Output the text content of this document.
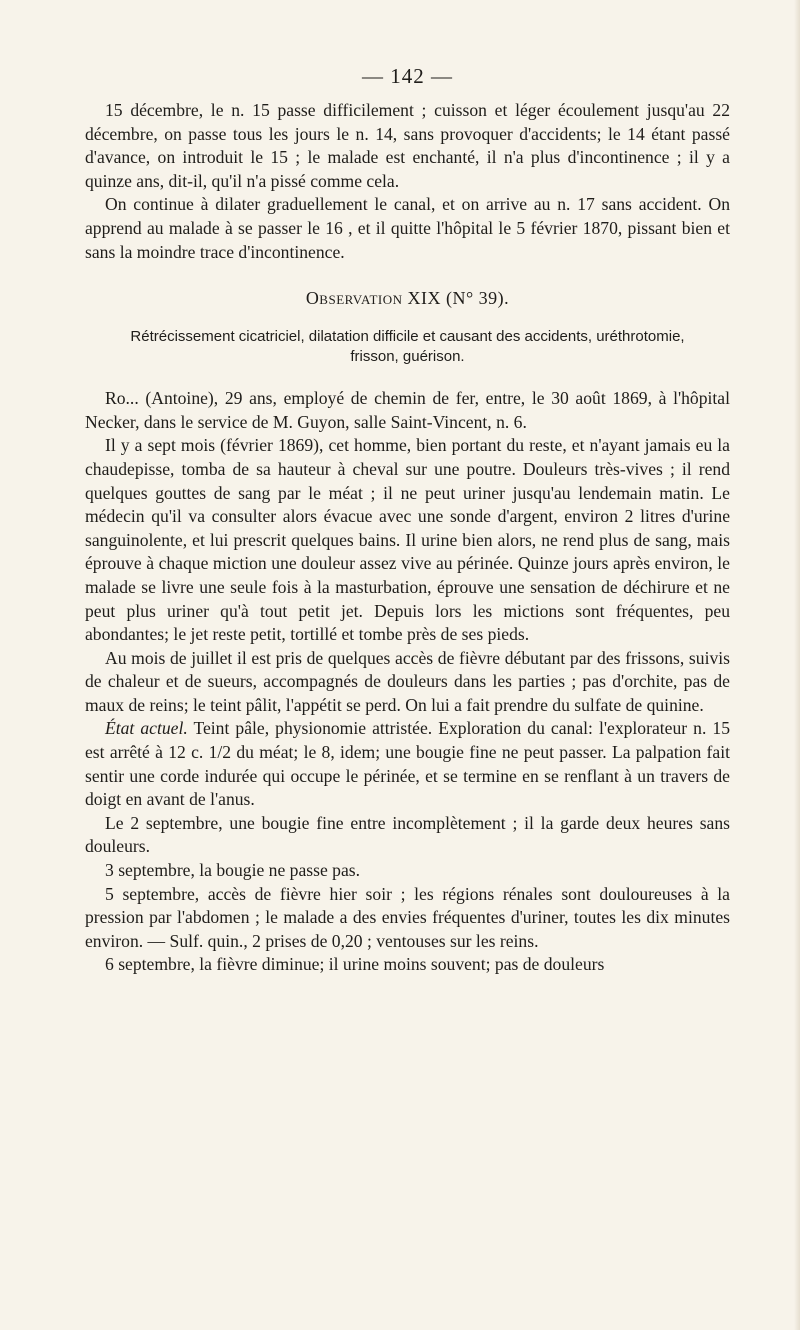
— 142 —

15 décembre, le n. 15 passe difficilement ; cuisson et léger écoulement jusqu'au 22 décembre, on passe tous les jours le n. 14, sans provoquer d'accidents; le 14 étant passé d'avance, on introduit le 15 ; le malade est enchanté, il n'a plus d'incontinence ; il y a quinze ans, dit-il, qu'il n'a pissé comme cela.

On continue à dilater graduellement le canal, et on arrive au n. 17 sans accident. On apprend au malade à se passer le 16 , et il quitte l'hôpital le 5 février 1870, pissant bien et sans la moindre trace d'incontinence.

Observation XIX (N° 39).
Rétrécissement cicatriciel, dilatation difficile et causant des accidents, uréthrotomie, frisson, guérison.

Ro... (Antoine), 29 ans, employé de chemin de fer, entre, le 30 août 1869, à l'hôpital Necker, dans le service de M. Guyon, salle Saint-Vincent, n. 6.

Il y a sept mois (février 1869), cet homme, bien portant du reste, et n'ayant jamais eu la chaudepisse, tomba de sa hauteur à cheval sur une poutre. Douleurs très-vives ; il rend quelques gouttes de sang par le méat ; il ne peut uriner jusqu'au lendemain matin. Le médecin qu'il va consulter alors évacue avec une sonde d'argent, environ 2 litres d'urine sanguinolente, et lui prescrit quelques bains. Il urine bien alors, ne rend plus de sang, mais éprouve à chaque miction une douleur assez vive au périnée. Quinze jours après environ, le malade se livre une seule fois à la masturbation, éprouve une sensation de déchirure et ne peut plus uriner qu'à tout petit jet. Depuis lors les mictions sont fréquentes, peu abondantes; le jet reste petit, tortillé et tombe près de ses pieds.

Au mois de juillet il est pris de quelques accès de fièvre débutant par des frissons, suivis de chaleur et de sueurs, accompagnés de douleurs dans les parties ; pas d'orchite, pas de maux de reins; le teint pâlit, l'appétit se perd. On lui a fait prendre du sulfate de quinine.

État actuel. Teint pâle, physionomie attristée. Exploration du canal: l'explorateur n. 15 est arrêté à 12 c. 1/2 du méat; le 8, idem; une bougie fine ne peut passer. La palpation fait sentir une corde indurée qui occupe le périnée, et se termine en se renflant à un travers de doigt en avant de l'anus.

Le 2 septembre, une bougie fine entre incomplètement ; il la garde deux heures sans douleurs.

3 septembre, la bougie ne passe pas.

5 septembre, accès de fièvre hier soir ; les régions rénales sont douloureuses à la pression par l'abdomen ; le malade a des envies fréquentes d'uriner, toutes les dix minutes environ. — Sulf. quin., 2 prises de 0,20 ; ventouses sur les reins.

6 septembre, la fièvre diminue; il urine moins souvent; pas de douleurs
